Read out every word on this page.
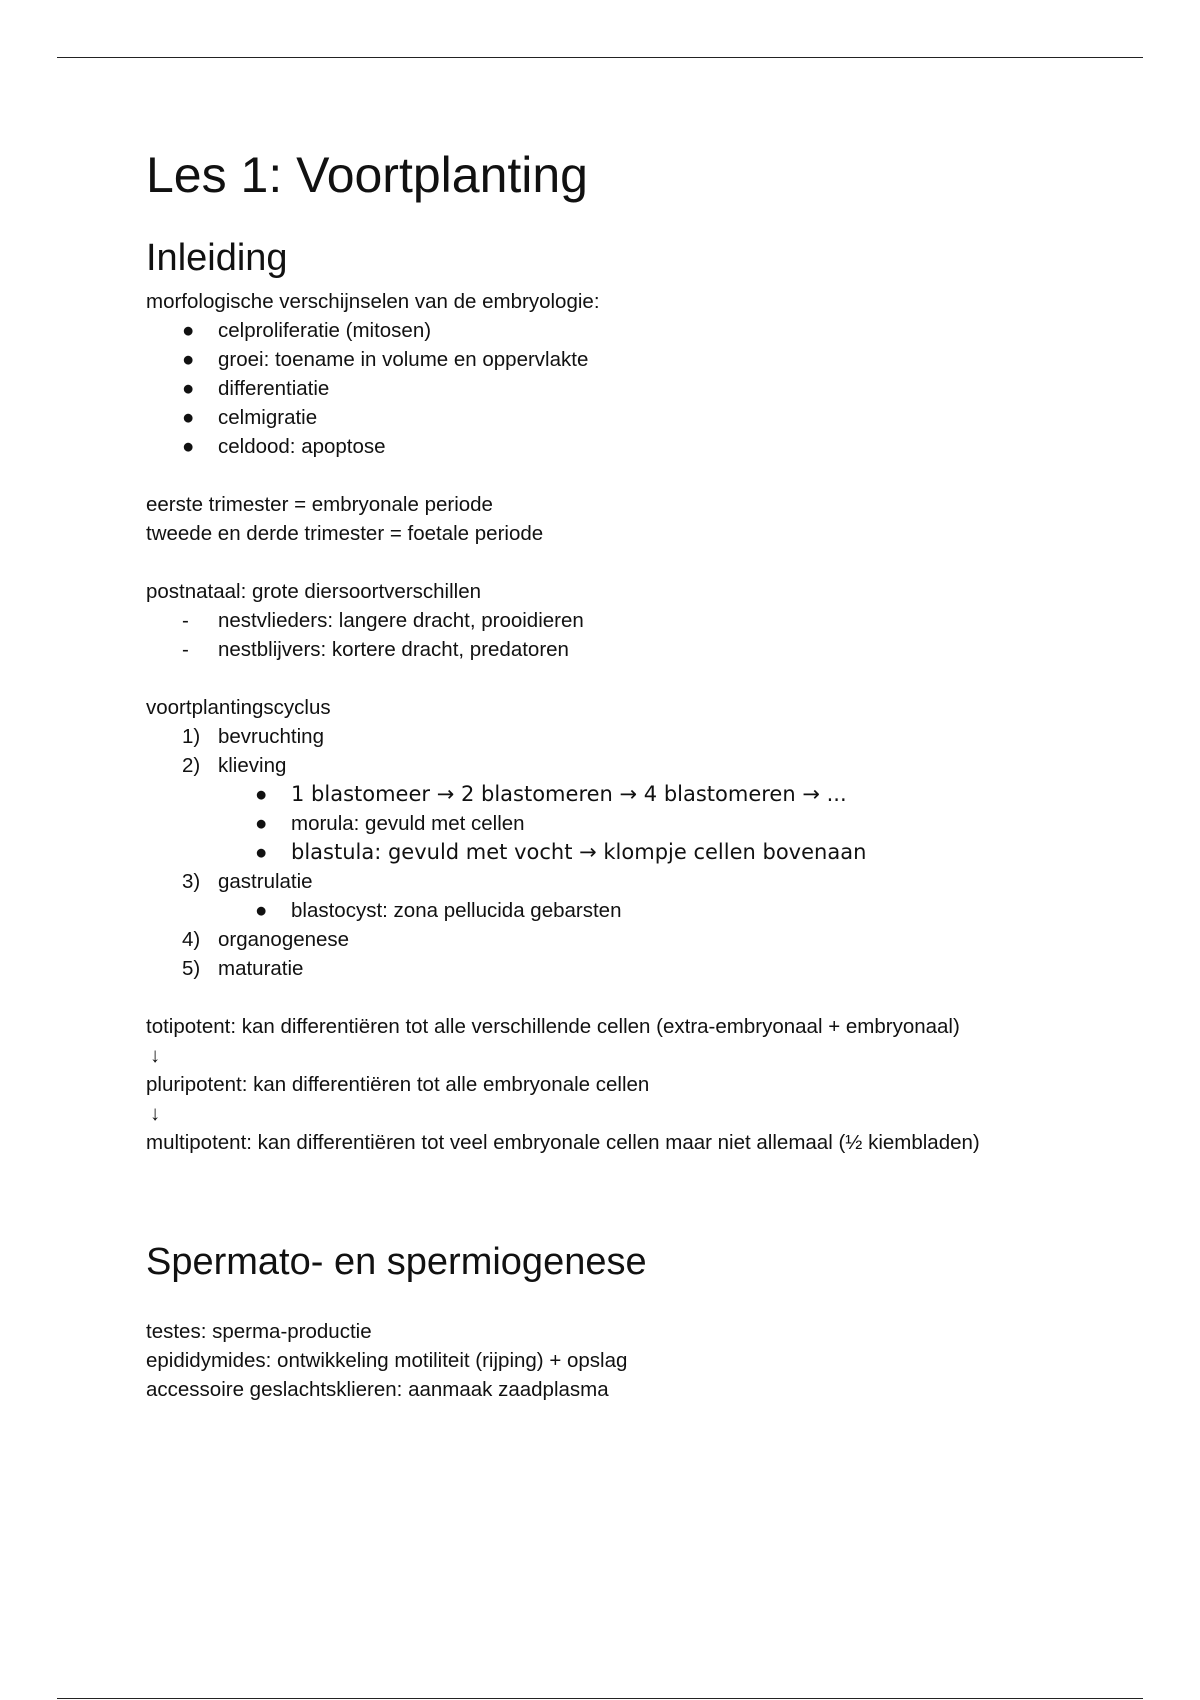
Les 1: Voortplanting
Inleiding

morfologische verschijnselen van de embryologie:

● celproliferatie (mitosen)
● groei: toename in volume en oppervlakte
● differentiatie
● celmigratie
● celdood: apoptose

eerste trimester = embryonale periode

tweede en derde trimester = foetale periode

postnataal: grote diersoortverschillen

- nestvlieders: langere dracht, prooidieren
- nestblijvers: kortere dracht, predatoren

voortplantingscyclus

1) bevruchting
2) klieving
● 1 blastomeer → 2 blastomeren → 4 blastomeren → ...
● morula: gevuld met cellen
● blastula: gevuld met vocht → klompje cellen bovenaan
3) gastrulatie
● blastocyst: zona pellucida gebarsten
4) organogenese
5) maturatie

totipotent: kan differentiëren tot alle verschillende cellen (extra-embryonaal + embryonaal)

↓

pluripotent: kan differentiëren tot alle embryonale cellen

↓

multipotent: kan differentiëren tot veel embryonale cellen maar niet allemaal (½ kiembladen)

Spermato- en spermiogenese

testes: sperma-productie

epididymides: ontwikkeling motiliteit (rijping) + opslag

accessoire geslachtsklieren: aanmaak zaadplasma
